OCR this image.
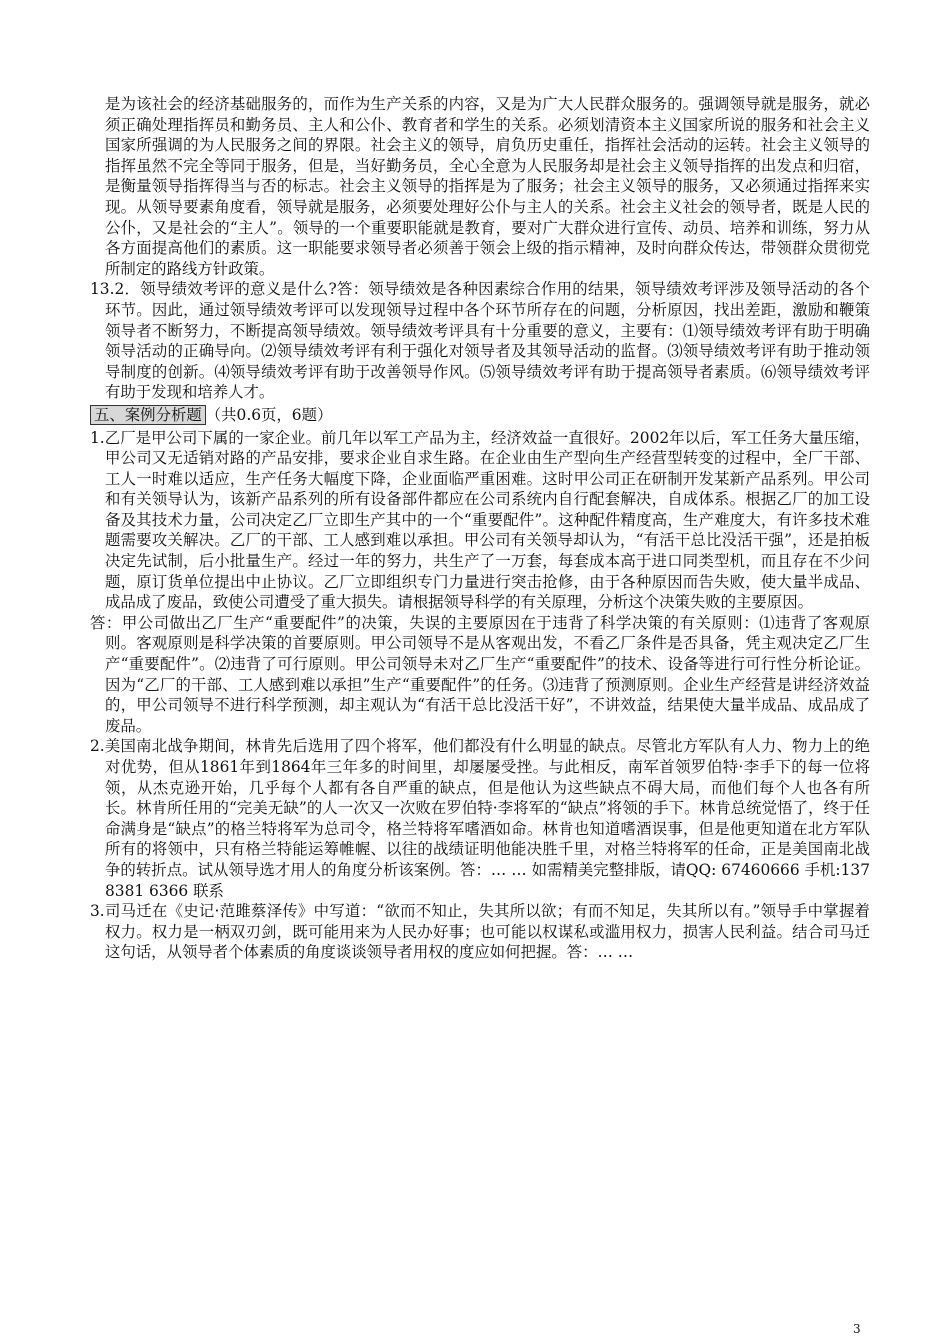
是为该社会的经济基础服务的，而作为生产关系的内容，又是为广大人民群众服务的。强调领导就是服务，就必须正确处理指挥员和勤务员、主人和公仆、教育者和学生的关系。必须划清资本主义国家所说的服务和社会主义国家所强调的为人民服务之间的界限。社会主义的领导，肩负历史重任，指挥社会活动的运转。社会主义领导的指挥虽然不完全等同于服务，但是，当好勤务员，全心全意为人民服务却是社会主义领导指挥的出发点和归宿，是衡量领导指挥得当与否的标志。社会主义领导的指挥是为了服务；社会主义领导的服务，又必须通过指挥来实现。从领导要素角度看，领导就是服务，必须要处理好公仆与主人的关系。社会主义社会的领导者，既是人民的公仆，又是社会的“主人”。领导的一个重要职能就是教育，要对广大群众进行宣传、动员、培养和训练，努力从各方面提高他们的素质。这一职能要求领导者必须善于领会上级的指示精神，及时向群众传达，带领群众贯彻党所制定的路线方针政策。

13.2．领导绩效考评的意义是什么?答：领导绩效是各种因素综合作用的结果，领导绩效考评涉及领导活动的各个环节。因此，通过领导绩效考评可以发现领导过程中各个环节所存在的问题，分析原因，找出差距，激励和鞭策领导者不断努力，不断提高领导绩效。领导绩效考评具有十分重要的意义，主要有：⑴领导绩效考评有助于明确领导活动的正确导向。⑵领导绩效考评有利于强化对领导者及其领导活动的监督。⑶领导绩效考评有助于推动领导制度的创新。⑷领导绩效考评有助于改善领导作风。⑸领导绩效考评有助于提高领导者素质。⑹领导绩效考评有助于发现和培养人才。

五、案例分析题 （共0.6页，6题）

1.乙厂是甲公司下属的一家企业。前几年以军工产品为主，经济效益一直很好。2002年以后，军工任务大量压缩，甲公司又无适销对路的产品安排，要求企业自求生路。在企业由生产型向生产经营型转变的过程中，全厂干部、工人一时难以适应，生产任务大幅度下降，企业面临严重困难。这时甲公司正在研制开发某新产品系列。甲公司和有关领导认为，该新产品系列的所有设备部件都应在公司系统内自行配套解决，自成体系。根据乙厂的加工设备及其技术力量，公司决定乙厂立即生产其中的一个“重要配件”。这种配件精度高，生产难度大，有许多技术难题需要攻关解决。乙厂的干部、工人感到难以承担。甲公司有关领导却认为，“有活干总比没活干强”，还是拍板决定先试制，后小批量生产。经过一年的努力，共生产了一万套，每套成本高于进口同类型机，而且存在不少问题，原订货单位提出中止协议。乙厂立即组织专门力量进行突击抢修，由于各种原因而告失败，使大量半成品、成品成了废品，致使公司遭受了重大损失。请根据领导科学的有关原理，分析这个决策失败的主要原因。

答：甲公司做出乙厂生产“重要配件”的决策，失误的主要原因在于违背了科学决策的有关原则：⑴违背了客观原则。客观原则是科学决策的首要原则。甲公司领导不是从客观出发，不看乙厂条件是否具备，凭主观决定乙厂生产“重要配件”。⑵违背了可行原则。甲公司领导未对乙厂生产“重要配件”的技术、设备等进行可行性分析论证。因为“乙厂的干部、工人感到难以承担”生产“重要配件”的任务。⑶违背了预测原则。企业生产经营是讲经济效益的，甲公司领导不进行科学预测，却主观认为“有活干总比没活干好”，不讲效益，结果使大量半成品、成品成了废品。

2.美国南北战争期间，林肯先后选用了四个将军，他们都没有什么明显的缺点。尽管北方军队有人力、物力上的绝对优势，但从1861年到1864年三年多的时间里，却屡屡受挫。与此相反，南军首领罗伯特·李手下的每一位将领，从杰克逊开始，几乎每个人都有各自严重的缺点，但是他认为这些缺点不碍大局，而他们每个人也各有所长。林肯所任用的“完美无缺”的人一次又一次败在罗伯特·李将军的“缺点”将领的手下。林肯总统觉悟了，终于任命满身是“缺点”的格兰特将军为总司令，格兰特将军嗜酒如命。林肯也知道嗜酒误事，但是他更知道在北方军队所有的将领中，只有格兰特能运筹帷幄、以往的战绩证明他能决胜千里，对格兰特将军的任命，正是美国南北战争的转折点。试从领导选才用人的角度分析该案例。答：… … 如需精美完整排版，请QQ: 67460666 手机:137 8381 6366 联系

3.司马迁在《史记·范雎蔡泽传》中写道：“欲而不知止，失其所以欲；有而不知足，失其所以有。”领导手中掌握着权力。权力是一柄双刃剑，既可能用来为人民办好事；也可能以权谋私或滥用权力，损害人民利益。结合司马迁这句话，从领导者个体素质的角度谈谈领导者用权的度应如何把握。答：… …

3
